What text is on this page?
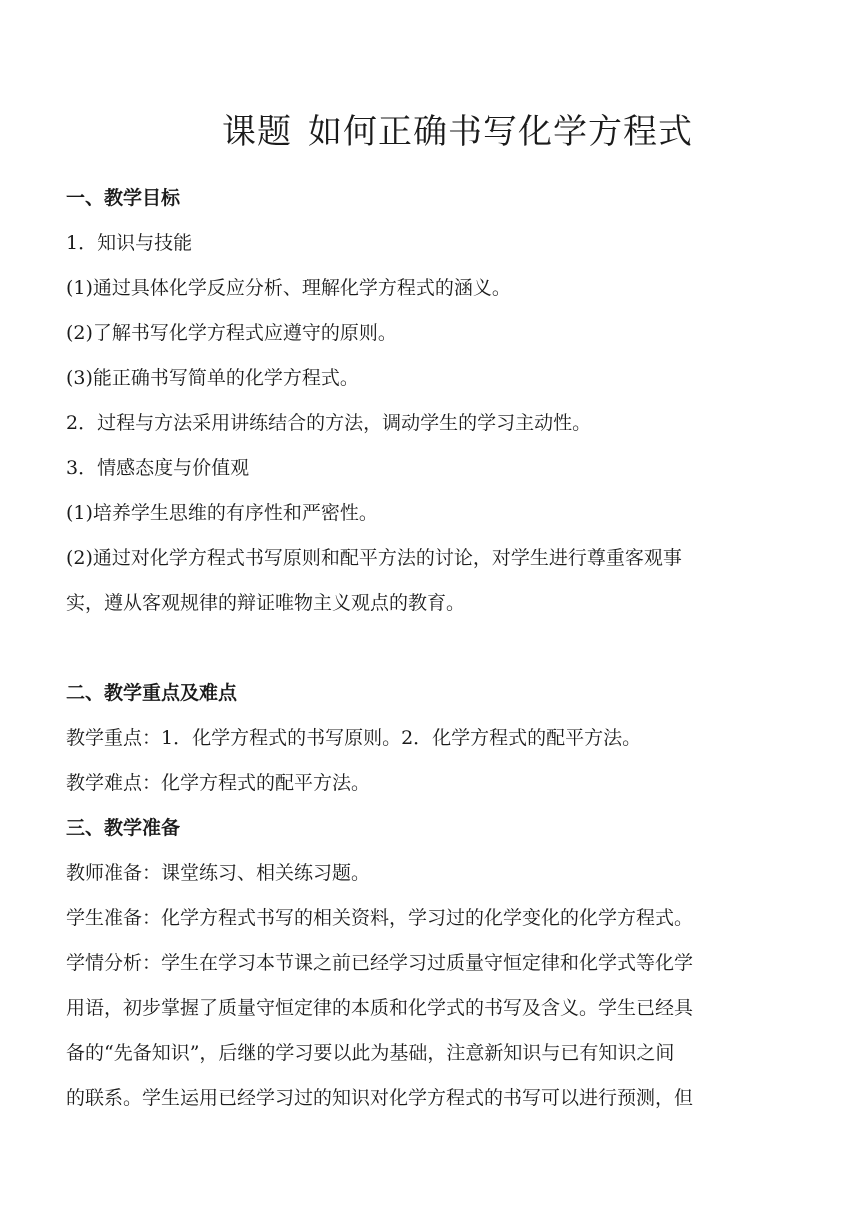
课题 如何正确书写化学方程式

一、教学目标

1．知识与技能

(1)通过具体化学反应分析、理解化学方程式的涵义。

(2)了解书写化学方程式应遵守的原则。

(3)能正确书写简单的化学方程式。

2．过程与方法采用讲练结合的方法，调动学生的学习主动性。

3．情感态度与价值观

(1)培养学生思维的有序性和严密性。

(2)通过对化学方程式书写原则和配平方法的讨论，对学生进行尊重客观事

实，遵从客观规律的辩证唯物主义观点的教育。

二、教学重点及难点

教学重点：1．化学方程式的书写原则。2．化学方程式的配平方法。

教学难点：化学方程式的配平方法。

三、教学准备

教师准备：课堂练习、相关练习题。

学生准备：化学方程式书写的相关资料，学习过的化学变化的化学方程式。

学情分析：学生在学习本节课之前已经学习过质量守恒定律和化学式等化学

用语，初步掌握了质量守恒定律的本质和化学式的书写及含义。学生已经具

备的“先备知识”，后继的学习要以此为基础，注意新知识与已有知识之间

的联系。学生运用已经学习过的知识对化学方程式的书写可以进行预测，但
